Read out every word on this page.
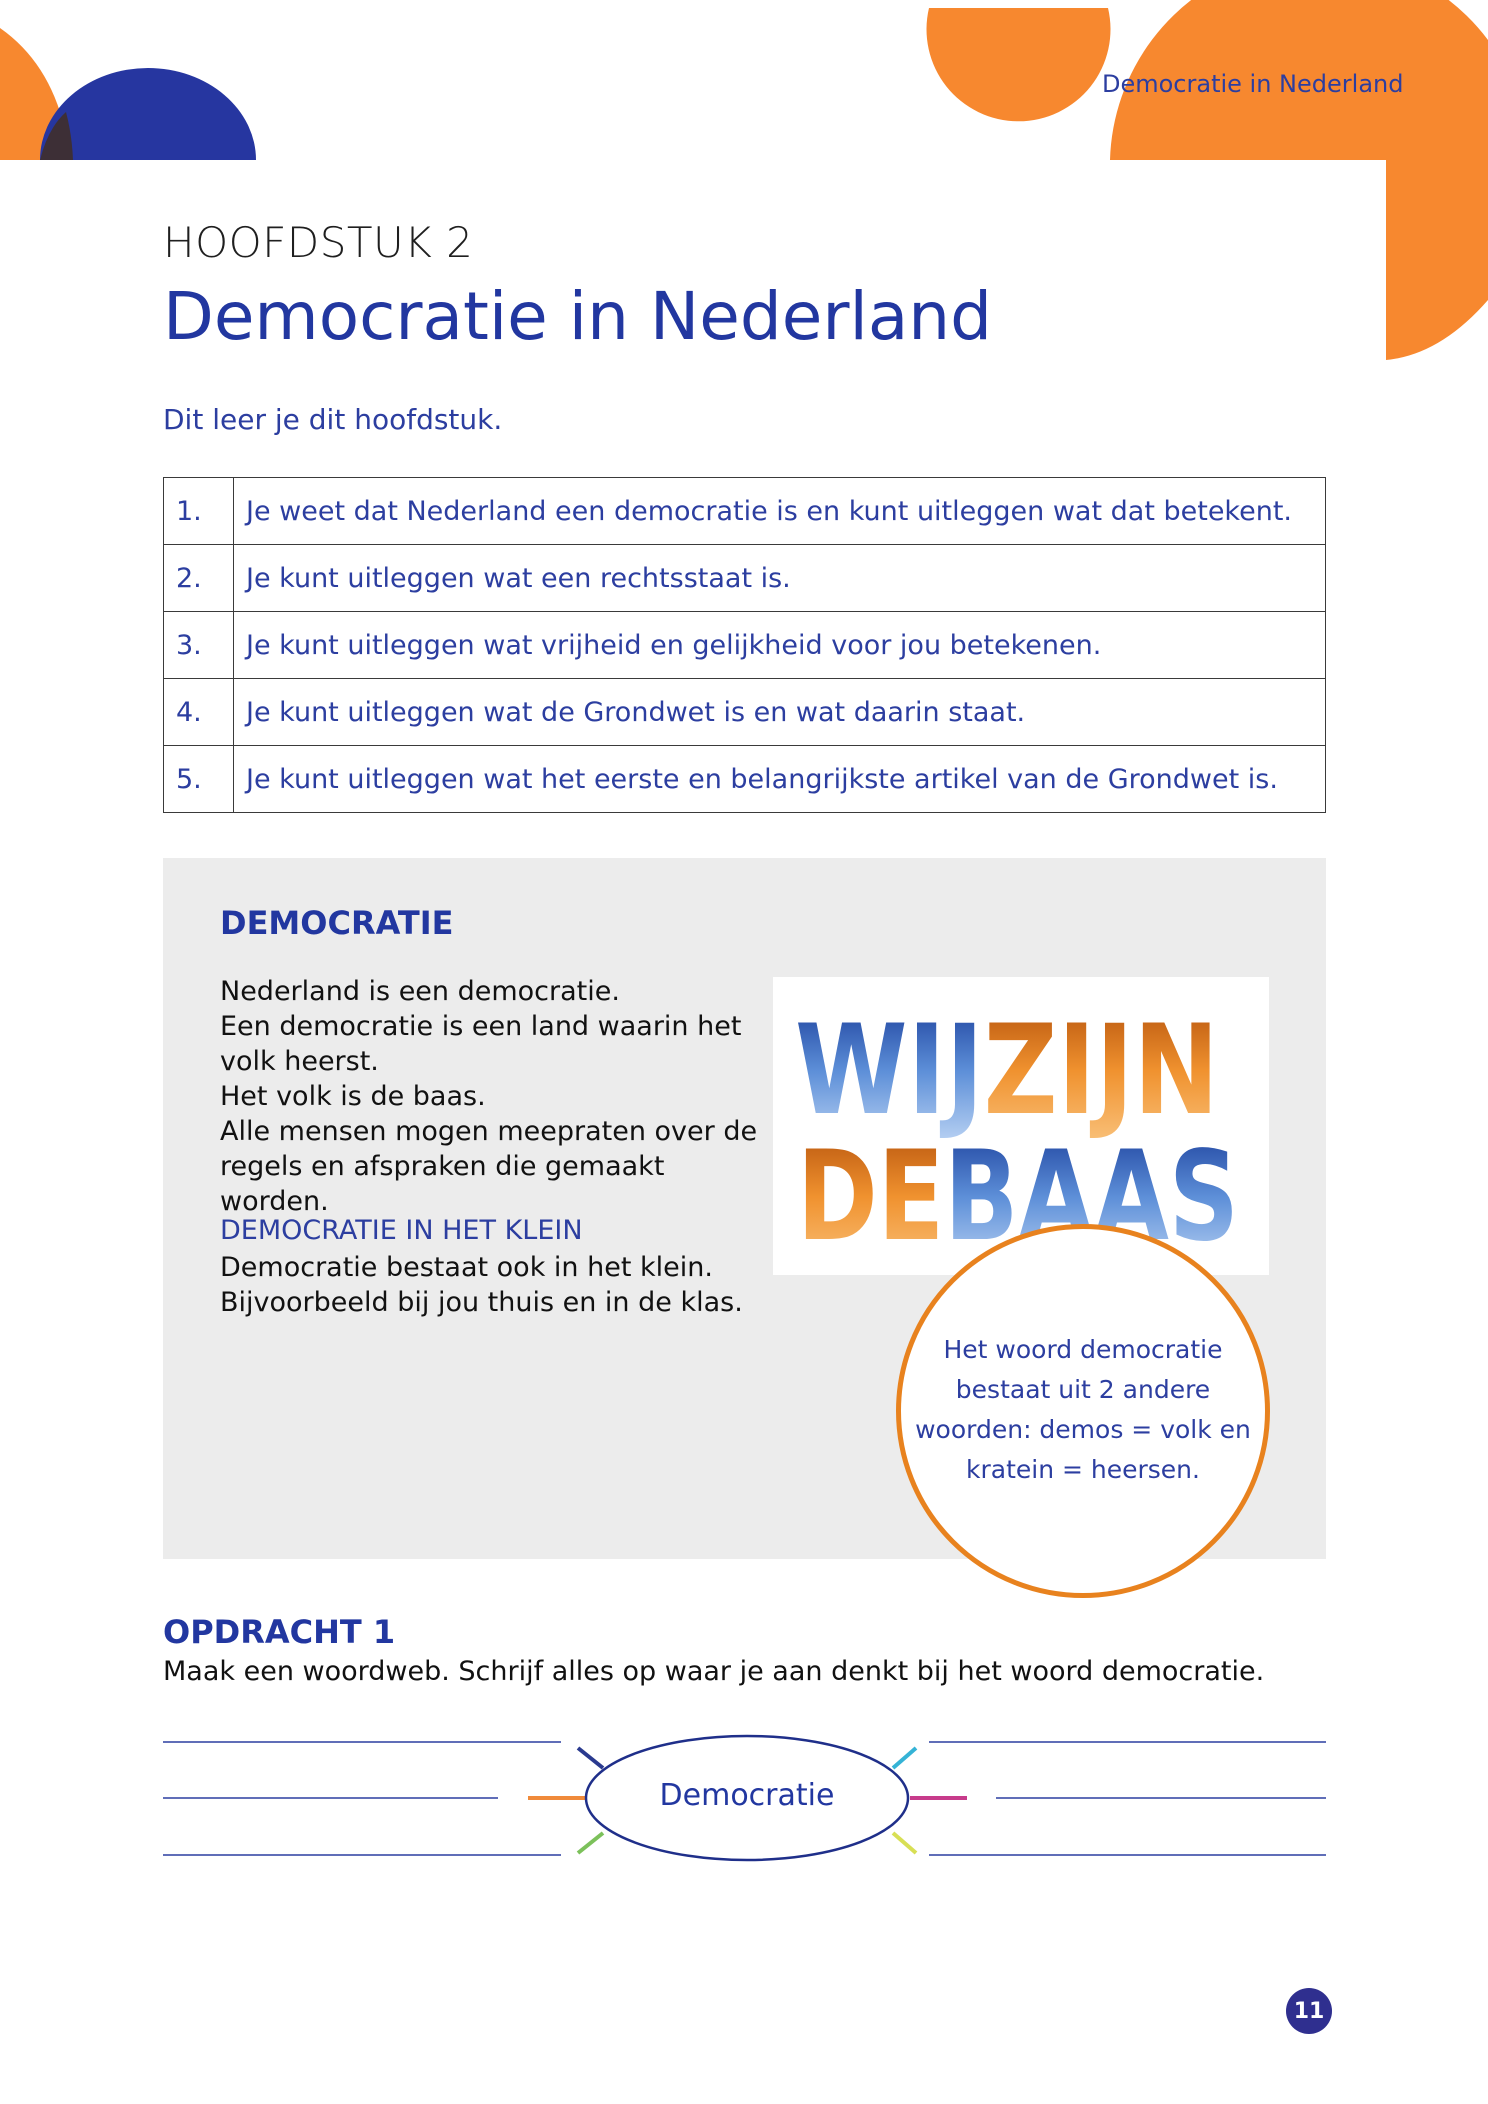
Democratie in Nederland
HOOFDSTUK 2
Democratie in Nederland
Dit leer je dit hoofdstuk.
1.	Je weet dat Nederland een democratie is en kunt uitleggen wat dat betekent.
2.	Je kunt uitleggen wat een rechtsstaat is.
3.	Je kunt uitleggen wat vrijheid en gelijkheid voor jou betekenen.
4.	Je kunt uitleggen wat de Grondwet is en wat daarin staat.
5.	Je kunt uitleggen wat het eerste en belangrijkste artikel van de Grondwet is.
DEMOCRATIE
Nederland is een democratie.
Een democratie is een land waarin het volk heerst.
Het volk is de baas.
Alle mensen mogen meepraten over de regels en afspraken die gemaakt worden.
DEMOCRATIE IN HET KLEIN
Democratie bestaat ook in het klein.
Bijvoorbeeld bij jou thuis en in de klas.
WIJZIJN
DEBAAS
Het woord democratie bestaat uit 2 andere woorden: demos = volk en kratein = heersen.
OPDRACHT 1
Maak een woordweb. Schrijf alles op waar je aan denkt bij het woord democratie.
Democratie
11
